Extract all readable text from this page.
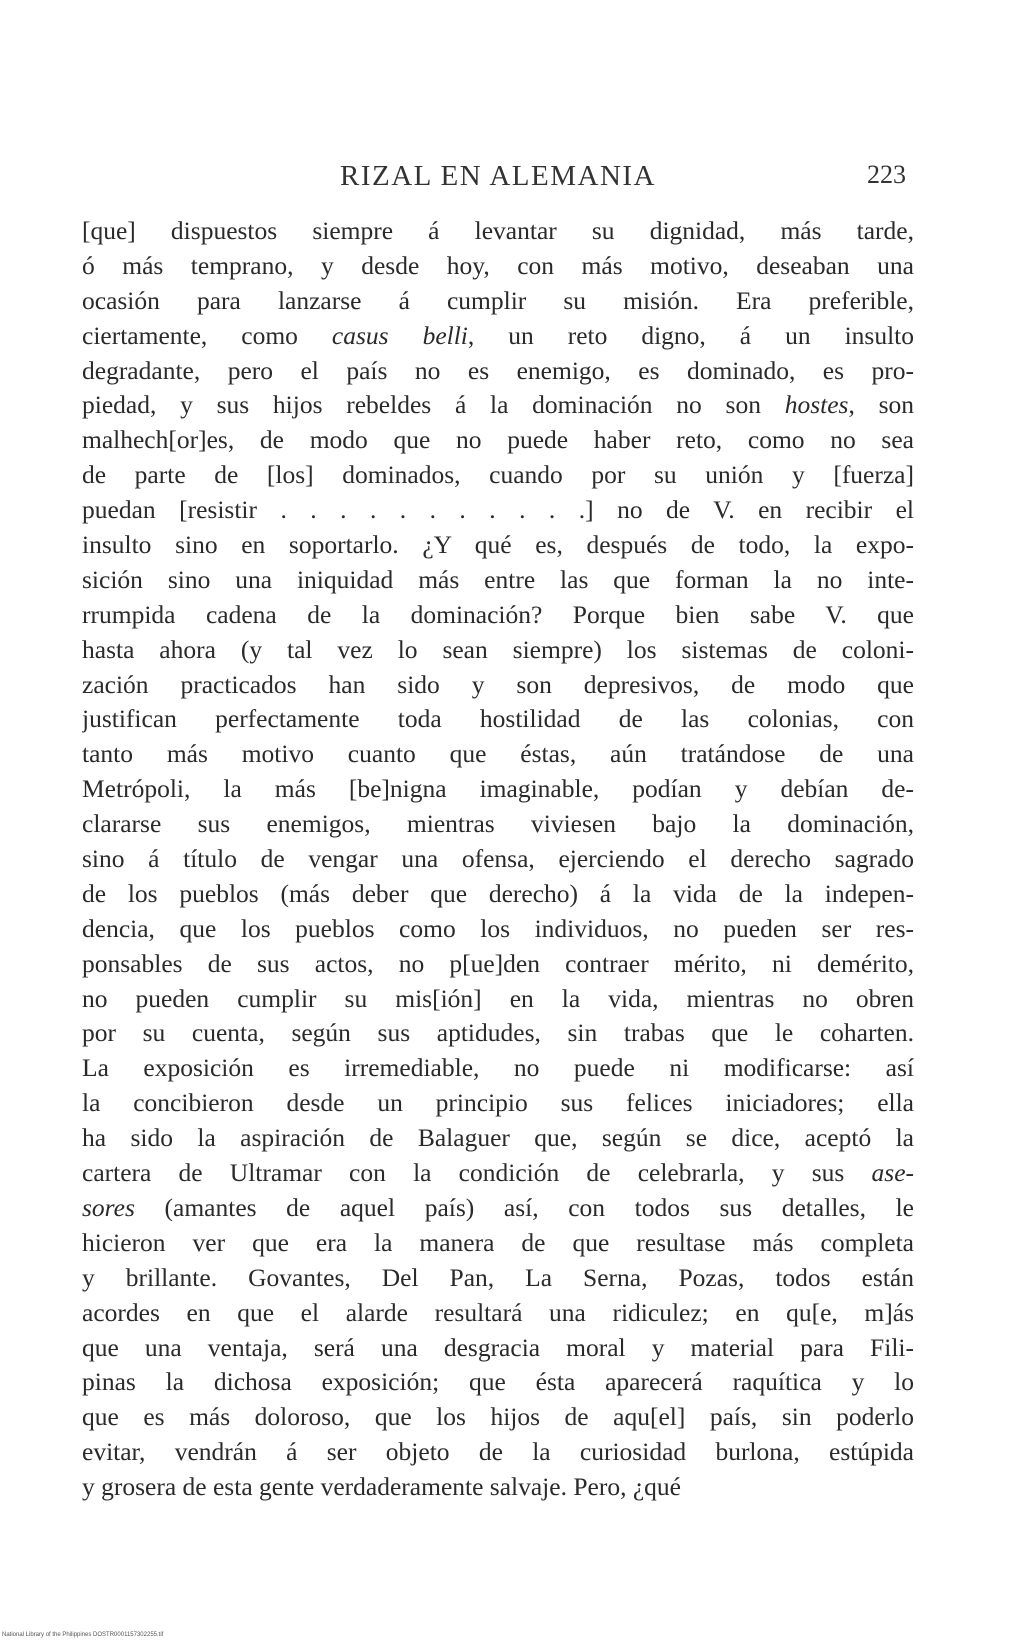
RIZAL EN ALEMANIA	223
[que] dispuestos siempre á levantar su dignidad, más tarde,
ó más temprano, y desde hoy, con más motivo, deseaban una
ocasión para lanzarse á cumplir su misión. Era preferible,
ciertamente, como casus belli, un reto digno, á un insulto
degradante, pero el país no es enemigo, es dominado, es pro-
piedad, y sus hijos rebeldes á la dominación no son hostes, son
malhech[or]es, de modo que no puede haber reto, como no sea
de parte de [los] dominados, cuando por su unión y [fuerza]
puedan [resistir . . . . . . . . . . .] no de V. en recibir el
insulto sino en soportarlo. ¿Y qué es, después de todo, la expo-
sición sino una iniquidad más entre las que forman la no inte-
rrumpida cadena de la dominación? Porque bien sabe V. que
hasta ahora (y tal vez lo sean siempre) los sistemas de coloni-
zación practicados han sido y son depresivos, de modo que
justifican perfectamente toda hostilidad de las colonias, con
tanto más motivo cuanto que éstas, aún tratándose de una
Metrópoli, la más [be]nigna imaginable, podían y debían de-
clararse sus enemigos, mientras viviesen bajo la dominación,
sino á título de vengar una ofensa, ejerciendo el derecho sagrado
de los pueblos (más deber que derecho) á la vida de la indepen-
dencia, que los pueblos como los individuos, no pueden ser res-
ponsables de sus actos, no p[ue]den contraer mérito, ni demérito,
no pueden cumplir su mis[ión] en la vida, mientras no obren
por su cuenta, según sus aptidudes, sin trabas que le coharten.
La exposición es irremediable, no puede ni modificarse: así
la concibieron desde un principio sus felices iniciadores; ella
ha sido la aspiración de Balaguer que, según se dice, aceptó la
cartera de Ultramar con la condición de celebrarla, y sus ase-
sores (amantes de aquel país) así, con todos sus detalles, le
hicieron ver que era la manera de que resultase más completa
y brillante. Govantes, Del Pan, La Serna, Pozas, todos están
acordes en que el alarde resultará una ridiculez; en qu[e, m]ás
que una ventaja, será una desgracia moral y material para Fili-
pinas la dichosa exposición; que ésta aparecerá raquítica y lo
que es más doloroso, que los hijos de aqu[el] país, sin poderlo
evitar, vendrán á ser objeto de la curiosidad burlona, estúpida
y grosera de esta gente verdaderamente salvaje. Pero, ¿qué
National Library of the Philippines DOSTR0001157302255.tif
